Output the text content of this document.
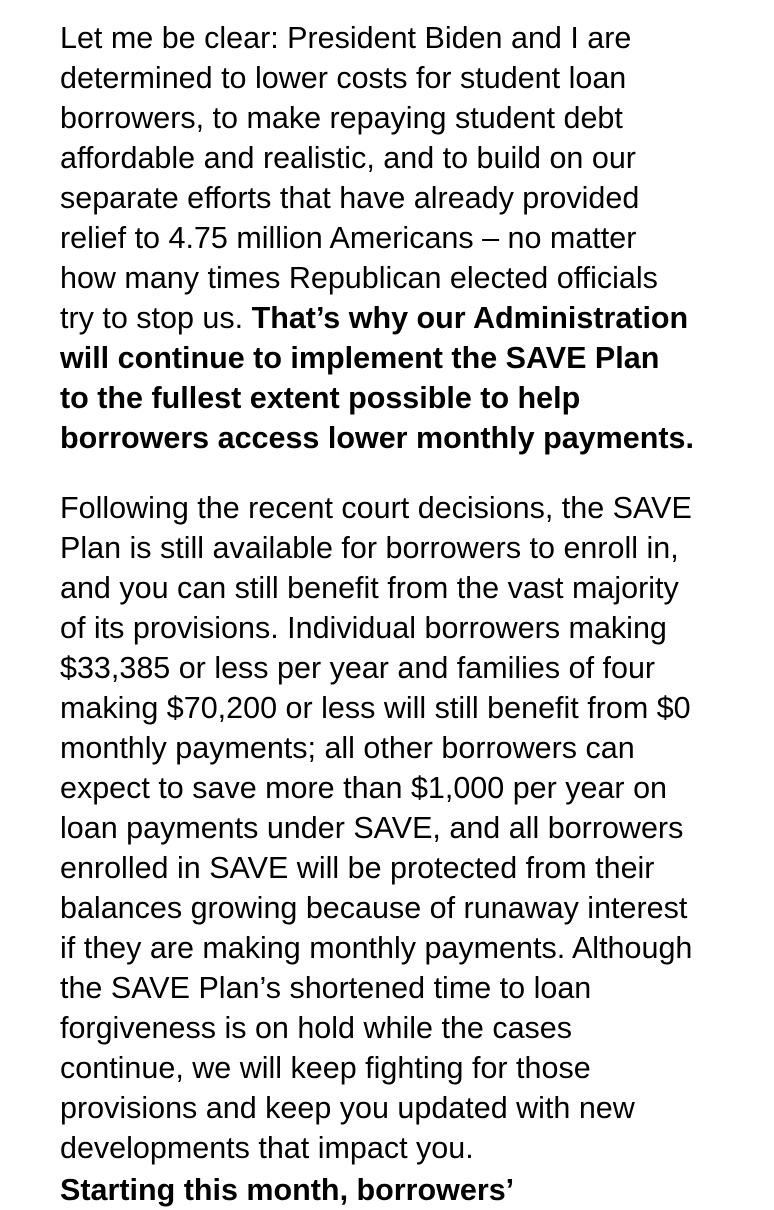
Let me be clear: President Biden and I are
determined to lower costs for student loan
borrowers, to make repaying student debt
affordable and realistic, and to build on our
separate efforts that have already provided
relief to 4.75 million Americans – no matter
how many times Republican elected officials
try to stop us. That’s why our Administration
will continue to implement the SAVE Plan
to the fullest extent possible to help
borrowers access lower monthly payments.
Following the recent court decisions, the SAVE
Plan is still available for borrowers to enroll in,
and you can still benefit from the vast majority
of its provisions. Individual borrowers making
$33,385 or less per year and families of four
making $70,200 or less will still benefit from $0
monthly payments; all other borrowers can
expect to save more than $1,000 per year on
loan payments under SAVE, and all borrowers
enrolled in SAVE will be protected from their
balances growing because of runaway interest
if they are making monthly payments. Although
the SAVE Plan’s shortened time to loan
forgiveness is on hold while the cases
continue, we will keep fighting for those
provisions and keep you updated with new
developments that impact you.
Starting this month, borrowers’
